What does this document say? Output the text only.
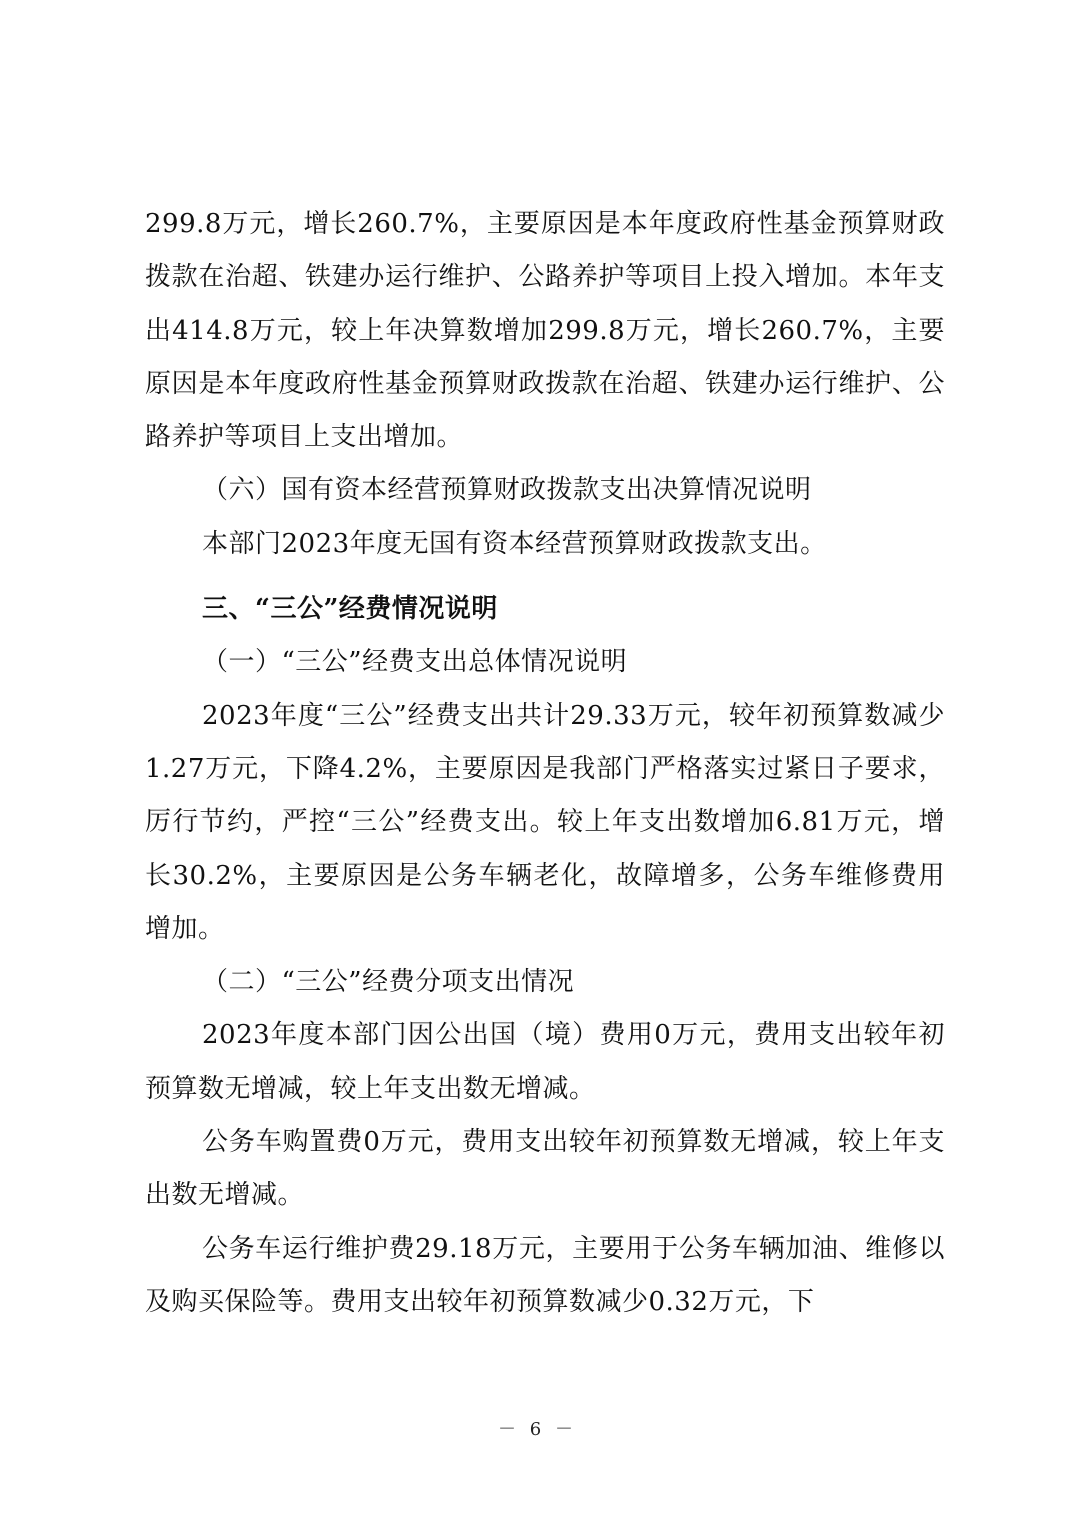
299.8万元，增长260.7%，主要原因是本年度政府性基金预算财政拨款在治超、铁建办运行维护、公路养护等项目上投入增加。本年支出414.8万元，较上年决算数增加299.8万元，增长260.7%，主要原因是本年度政府性基金预算财政拨款在治超、铁建办运行维护、公路养护等项目上支出增加。

（六）国有资本经营预算财政拨款支出决算情况说明

本部门2023年度无国有资本经营预算财政拨款支出。

三、“三公”经费情况说明

（一）“三公”经费支出总体情况说明

2023年度“三公”经费支出共计29.33万元，较年初预算数减少1.27万元，下降4.2%，主要原因是我部门严格落实过紧日子要求，厉行节约，严控“三公”经费支出。较上年支出数增加6.81万元，增长30.2%，主要原因是公务车辆老化，故障增多，公务车维修费用增加。

（二）“三公”经费分项支出情况

2023年度本部门因公出国（境）费用0万元，费用支出较年初预算数无增减，较上年支出数无增减。

公务车购置费0万元，费用支出较年初预算数无增减，较上年支出数无增减。

公务车运行维护费29.18万元，主要用于公务车辆加油、维修以及购买保险等。费用支出较年初预算数减少0.32万元，下

－ 6 －
